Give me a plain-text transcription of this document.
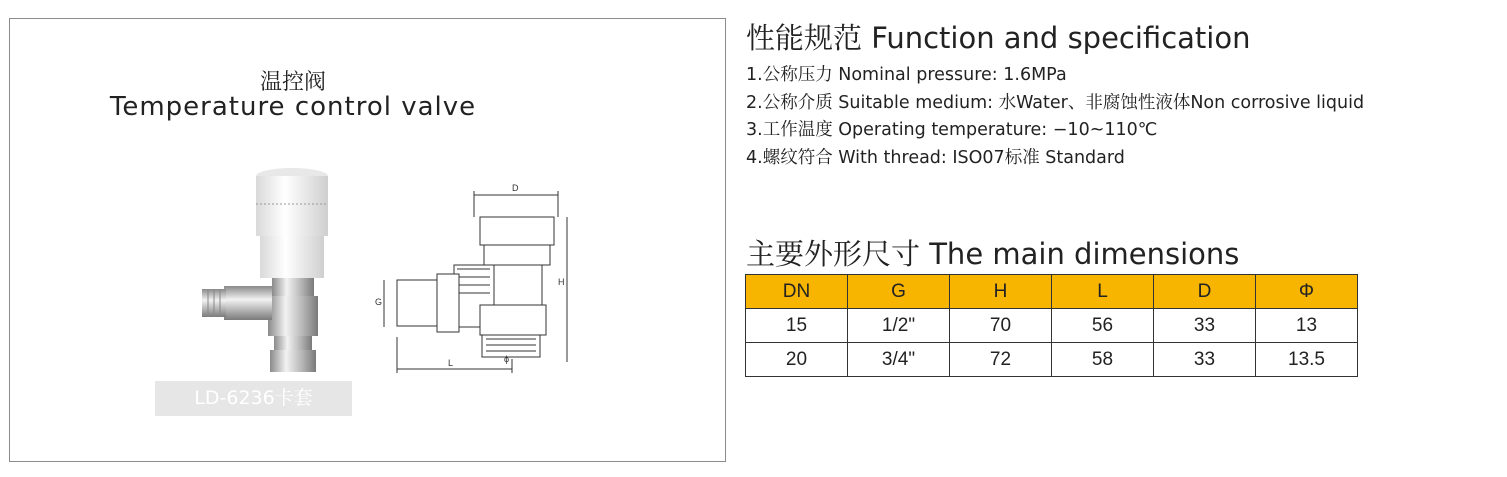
温控阀
Temperature control valve
D
H
G
L	ϕ
LD-6236卡套
性能规范 Function and specification
1.公称压力 Nominal pressure: 1.6MPa
2.公称介质 Suitable medium: 水Water、非腐蚀性液体Non corrosive liquid
3.工作温度 Operating temperature: −10~110℃
4.螺纹符合 With thread: ISO07标准 Standard
主要外形尺寸 The main dimensions
DN	G	H	L	D	Φ
15	1/2"	70	56	33	13
20	3/4"	72	58	33	13.5
